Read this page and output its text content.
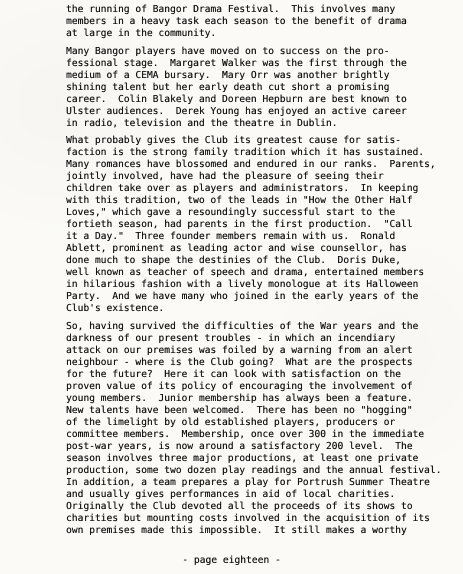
the running of Bangor Drama Festival.  This involves many
members in a heavy task each season to the benefit of drama
at large in the community.
Many Bangor players have moved on to success on the pro-
fessional stage.  Margaret Walker was the first through the
medium of a CEMA bursary.  Mary Orr was another brightly
shining talent but her early death cut short a promising
career.  Colin Blakely and Doreen Hepburn are best known to
Ulster audiences.  Derek Young has enjoyed an active career
in radio, television and the theatre in Dublin.
What probably gives the Club its greatest cause for satis-
faction is the strong family tradition which it has sustained.
Many romances have blossomed and endured in our ranks.  Parents,
jointly involved, have had the pleasure of seeing their
children take over as players and administrators.  In keeping
with this tradition, two of the leads in "How the Other Half
Loves," which gave a resoundingly successful start to the
fortieth season, had parents in the first production.  "Call
it a Day."  Three founder members remain with us.  Ronald
Ablett, prominent as leading actor and wise counsellor, has
done much to shape the destinies of the Club.  Doris Duke,
well known as teacher of speech and drama, entertained members
in hilarious fashion with a lively monologue at its Halloween
Party.  And we have many who joined in the early years of the
Club's existence.
So, having survived the difficulties of the War years and the
darkness of our present troubles - in which an incendiary
attack on our premises was foiled by a warning from an alert
neighbour - where is the Club going?  What are the prospects
for the future?  Here it can look with satisfaction on the
proven value of its policy of encouraging the involvement of
young members.  Junior membership has always been a feature.
New talents have been welcomed.  There has been no "hogging"
of the limelight by old established players, producers or
committee members.  Membership, once over 300 in the immediate
post-war years, is now around a satisfactory 200 level.  The
season involves three major productions, at least one private
production, some two dozen play readings and the annual festival.
In addition, a team prepares a play for Portrush Summer Theatre
and usually gives performances in aid of local charities.
Originally the Club devoted all the proceeds of its shows to
charities but mounting costs involved in the acquisition of its
own premises made this impossible.  It still makes a worthy
- page eighteen -
